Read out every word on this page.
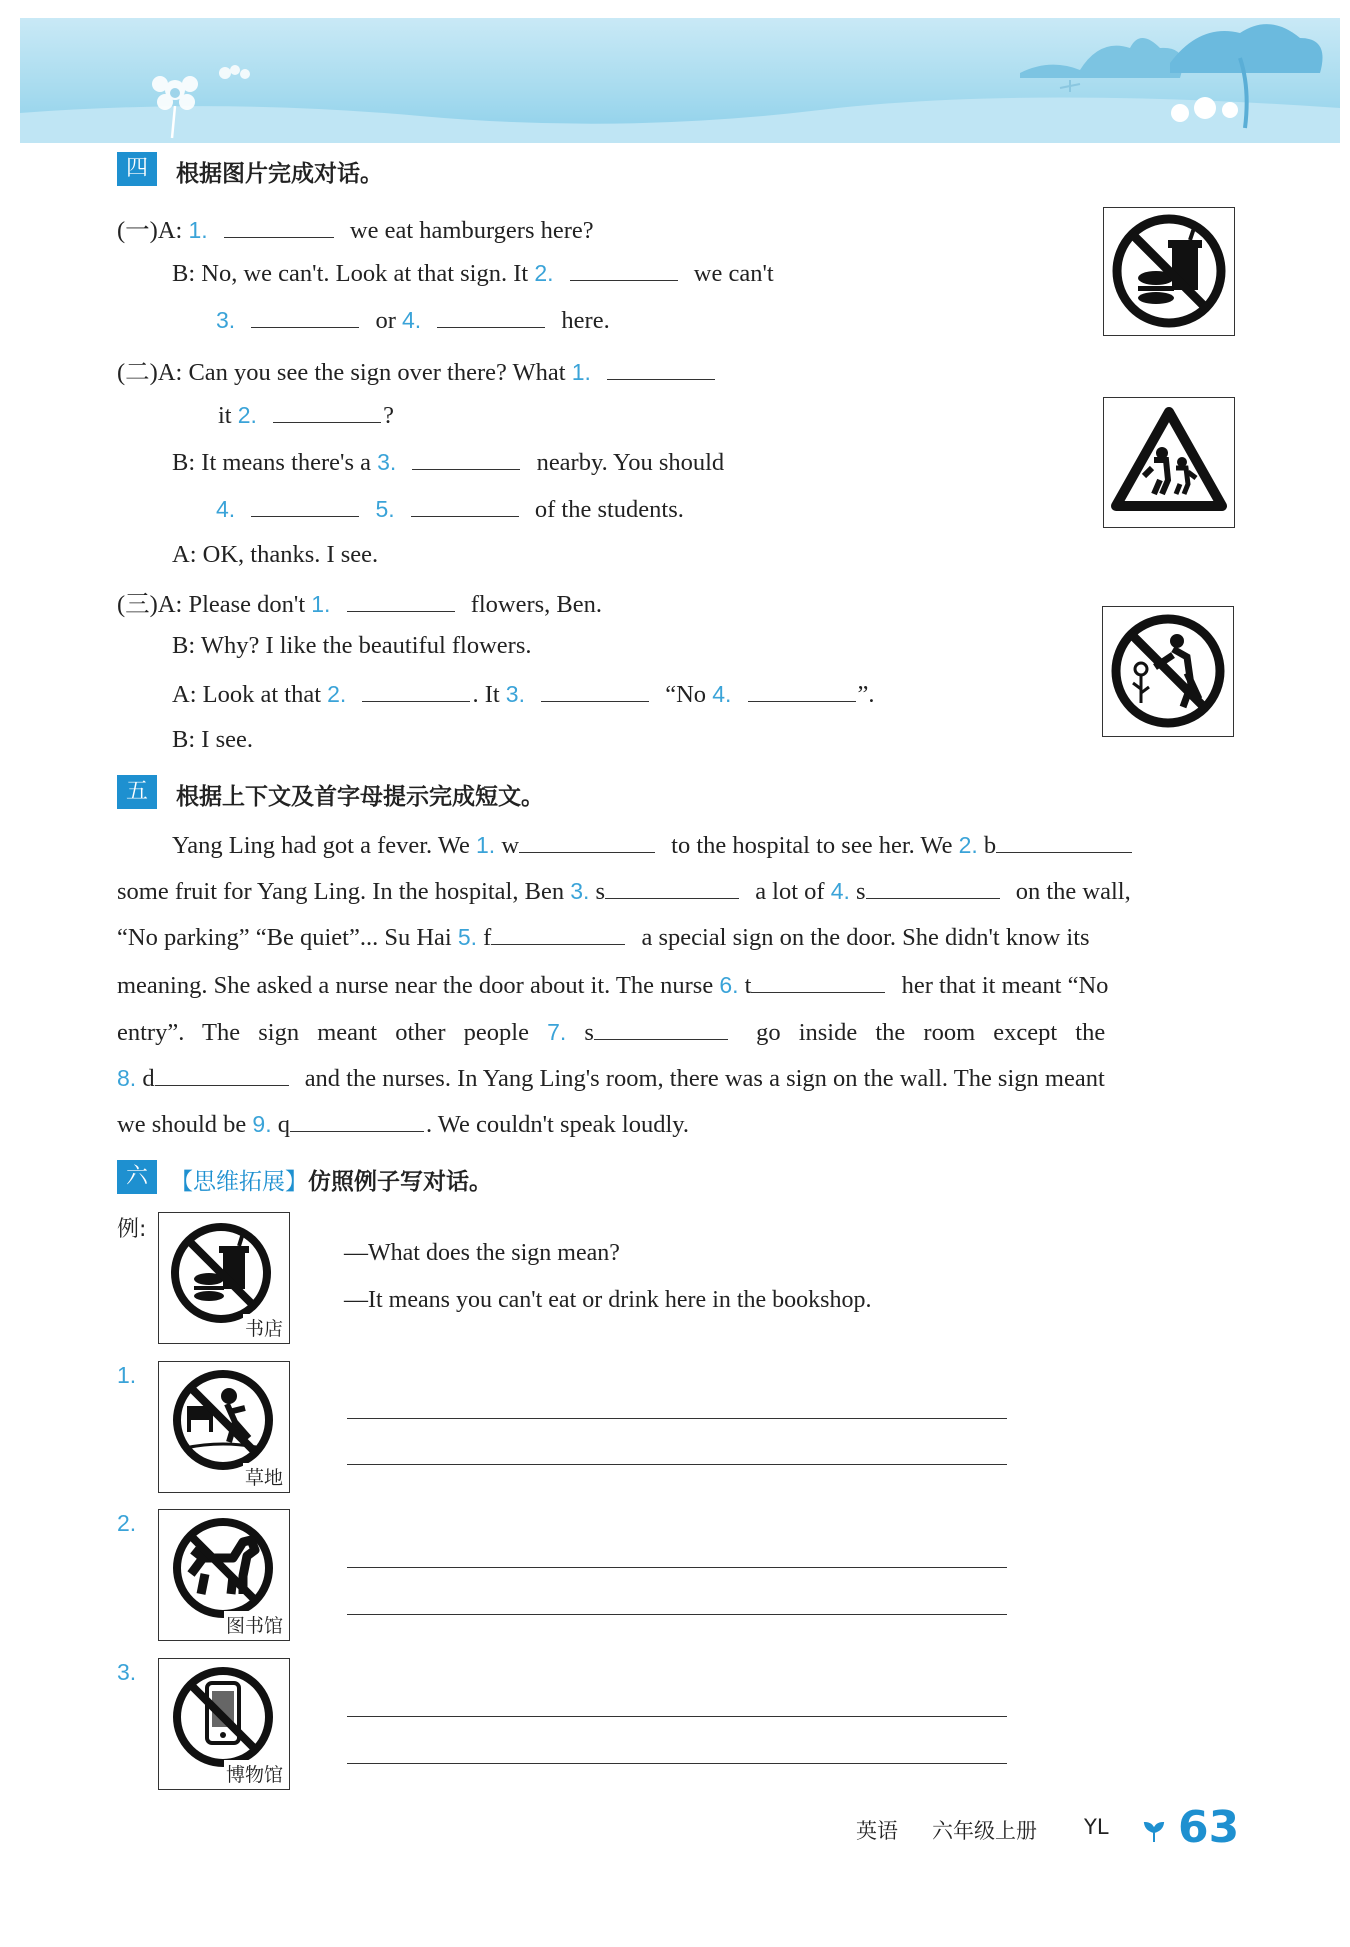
四	根据图片完成对话。
(一)A: 1.	we eat hamburgers here?
B: No, we can't. Look at that sign. It 2.	we can't
3.	or 4.	here.
(二)A: Can you see the sign over there? What 1.
it 2.	?
B: It means there's a 3.	nearby. You should
4.	5.	of the students.
A: OK, thanks. I see.
(三)A: Please don't 1.	flowers, Ben.
B: Why? I like the beautiful flowers.
A: Look at that 2.	. It 3.	“No 4.	”.
B: I see.
五	根据上下文及首字母提示完成短文。
Yang Ling had got a fever. We 1. w	to the hospital to see her. We 2. b
some fruit for Yang Ling. In the hospital, Ben 3. s	a lot of 4. s	on the wall,
“No parking” “Be quiet”... Su Hai 5. f	a special sign on the door. She didn't know its
meaning. She asked a nurse near the door about it. The nurse 6. t	her that it meant “No
entry”. The sign meant other people 7. s	go inside the room except the
8. d	and the nurses. In Yang Ling's room, there was a sign on the wall. The sign meant
we should be 9. q	. We couldn't speak loudly.
六 【思维拓展】仿照例子写对话。
例:
书店
—What does the sign mean?
—It means you can't eat or drink here in the bookshop.
1.
草地
2.
图书馆
3.
博物馆
英语 六年级上册 YL 63
